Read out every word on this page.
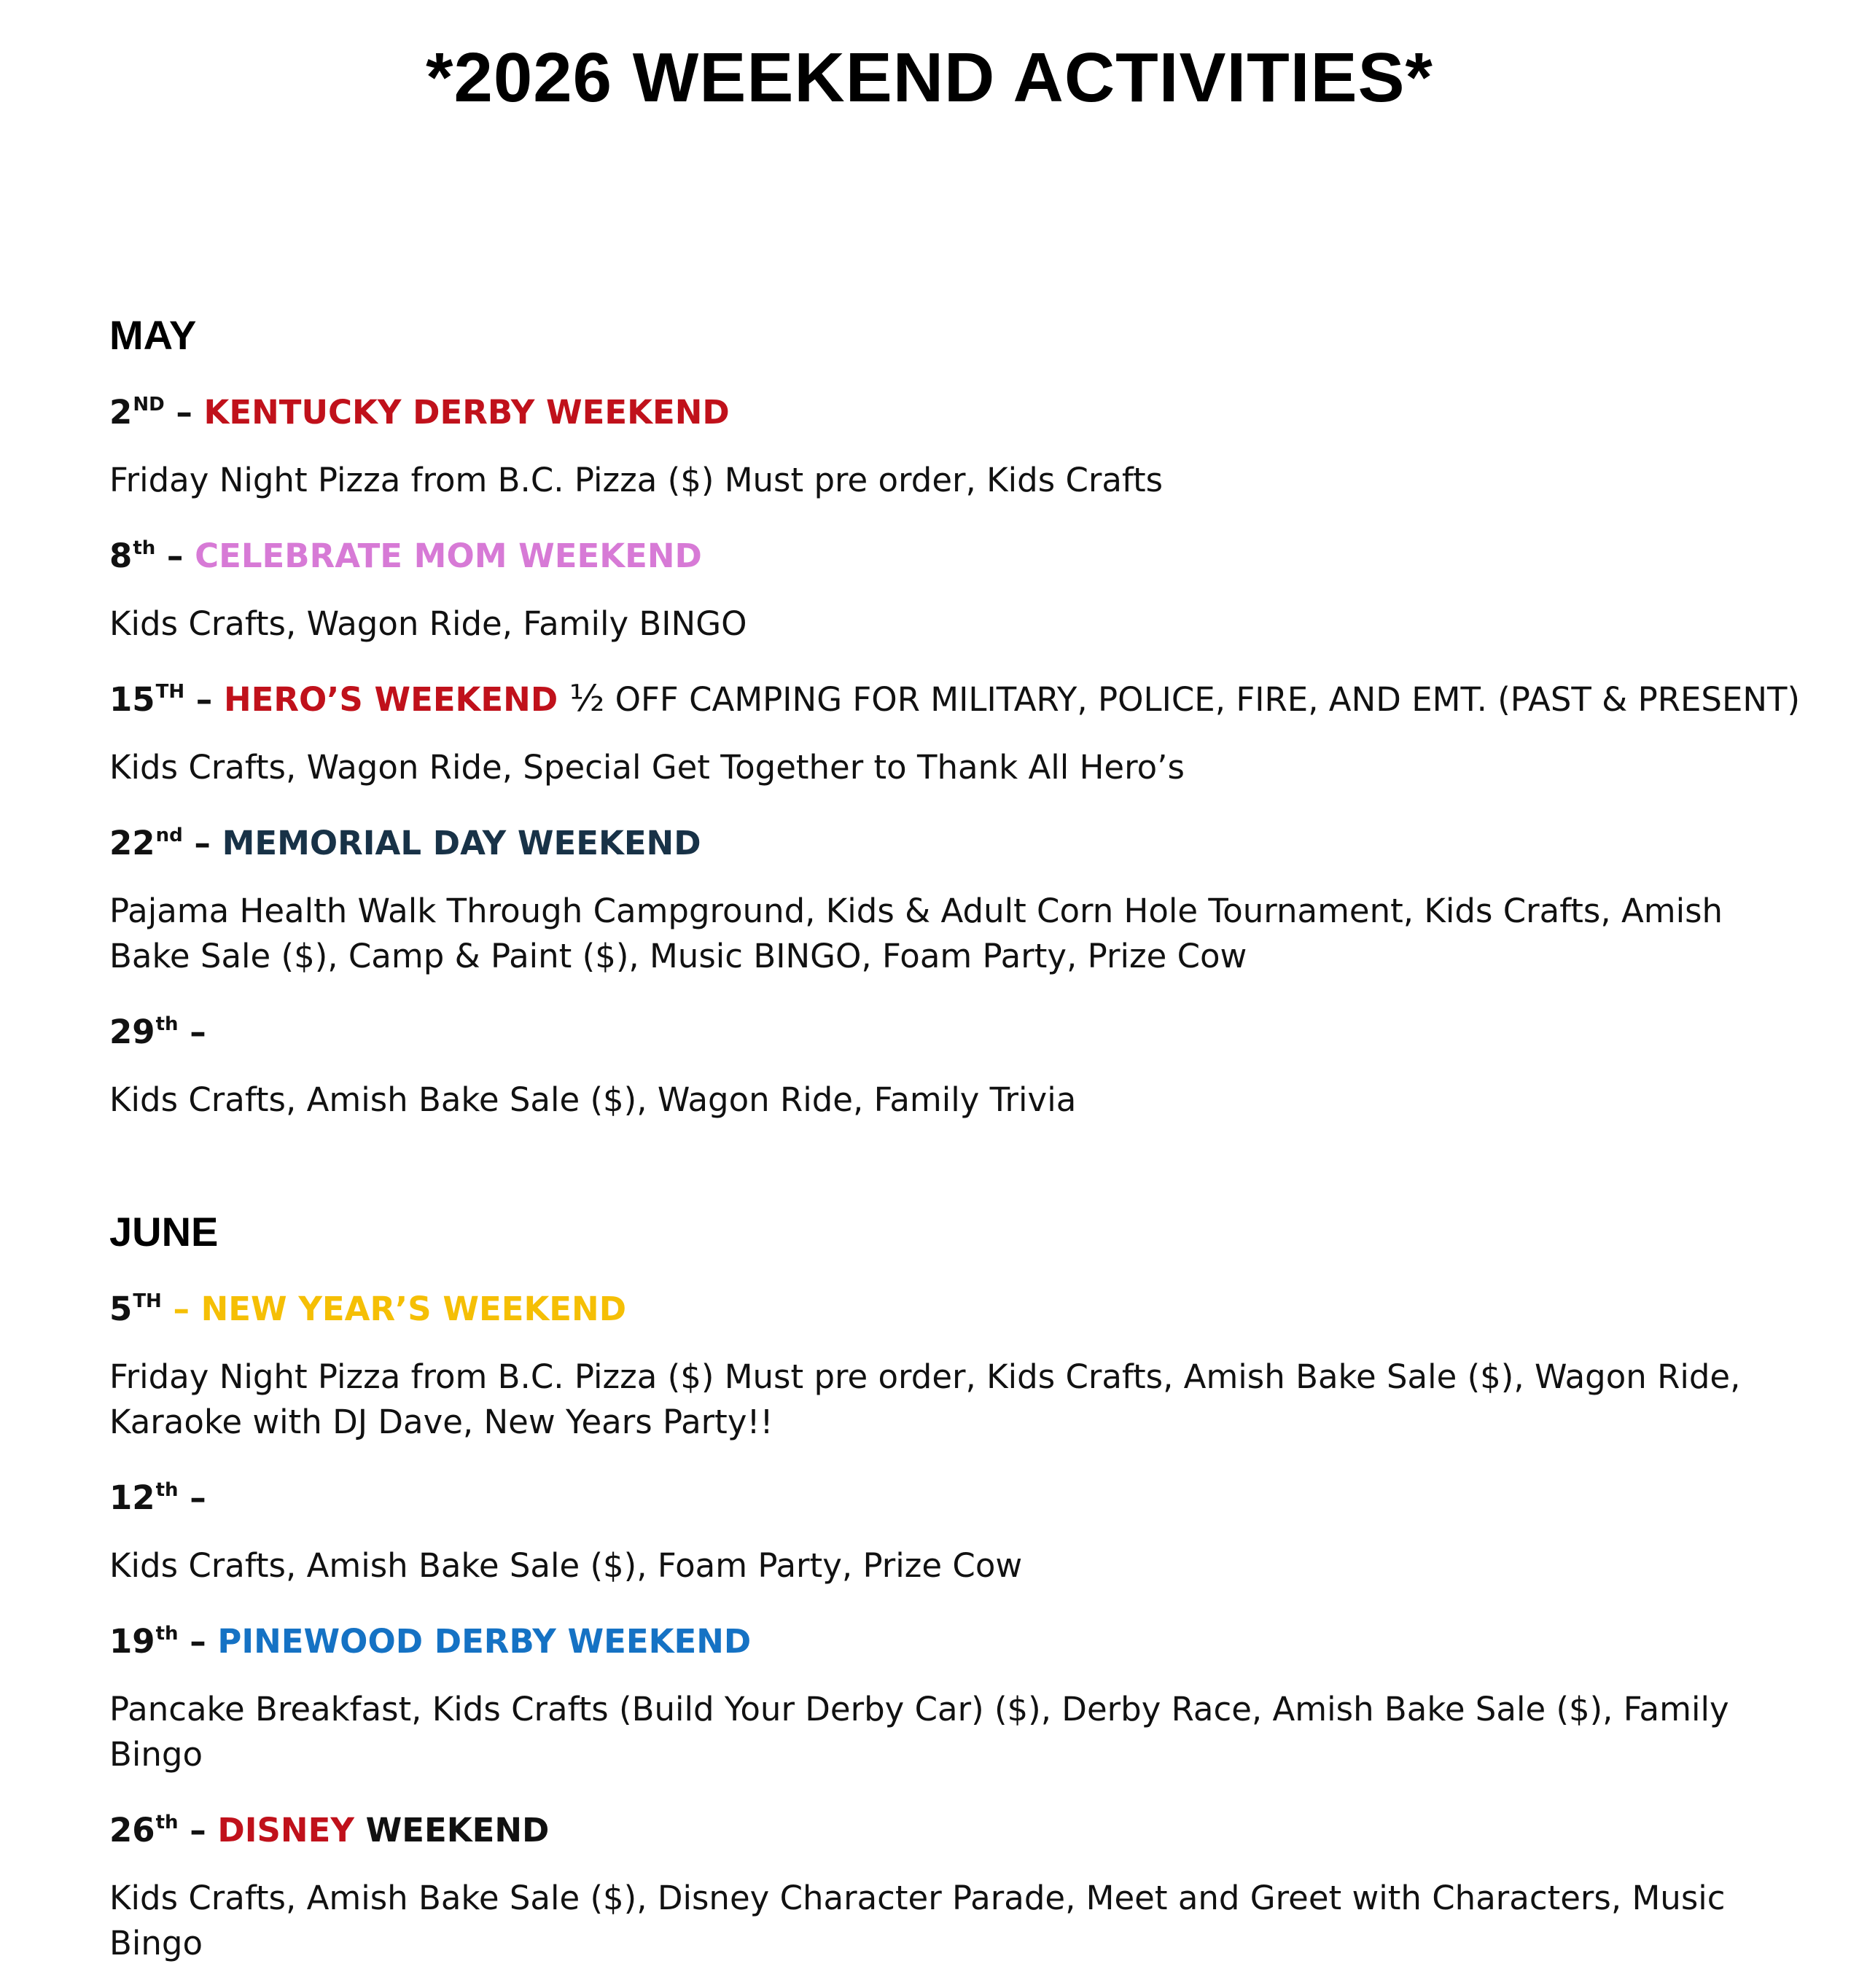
*2026 WEEKEND ACTIVITIES*
MAY

2ND – KENTUCKY DERBY WEEKEND

Friday Night Pizza from B.C. Pizza ($) Must pre order, Kids Crafts

8th – CELEBRATE MOM WEEKEND

Kids Crafts, Wagon Ride, Family BINGO

15TH – HERO’S WEEKEND ½ OFF CAMPING FOR MILITARY, POLICE, FIRE, AND EMT. (PAST & PRESENT)

Kids Crafts, Wagon Ride, Special Get Together to Thank All Hero’s

22nd – MEMORIAL DAY WEEKEND

Pajama Health Walk Through Campground, Kids & Adult Corn Hole Tournament, Kids Crafts, Amish Bake Sale ($), Camp & Paint ($), Music BINGO, Foam Party, Prize Cow

29th –

Kids Crafts, Amish Bake Sale ($), Wagon Ride, Family Trivia

JUNE

5TH – NEW YEAR’S WEEKEND

Friday Night Pizza from B.C. Pizza ($) Must pre order, Kids Crafts, Amish Bake Sale ($), Wagon Ride, Karaoke with DJ Dave, New Years Party!!

12th –

Kids Crafts, Amish Bake Sale ($), Foam Party, Prize Cow

19th – PINEWOOD DERBY WEEKEND

Pancake Breakfast, Kids Crafts (Build Your Derby Car) ($), Derby Race, Amish Bake Sale ($), Family Bingo

26th – DISNEY WEEKEND

Kids Crafts, Amish Bake Sale ($), Disney Character Parade, Meet and Greet with Characters, Music Bingo
